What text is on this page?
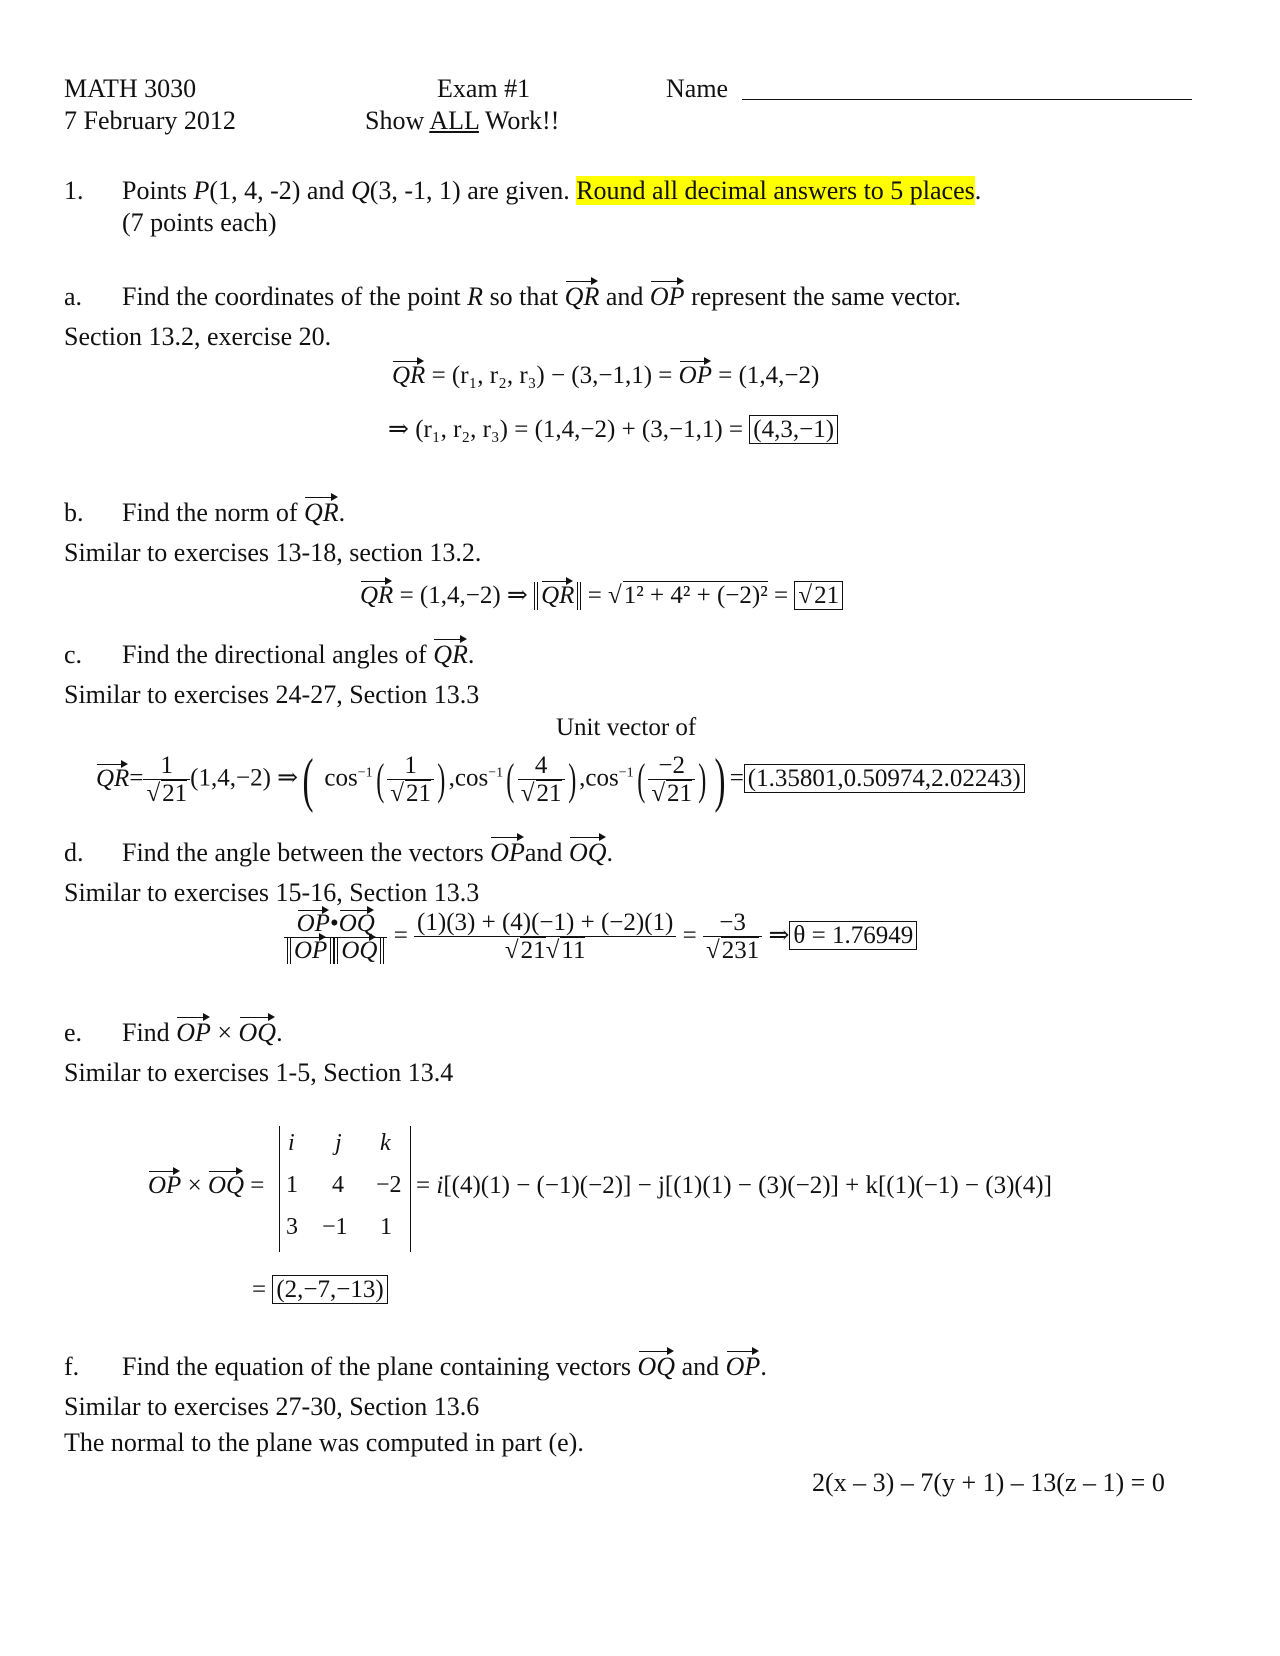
MATH 3030
7 February 2012
Exam #1
Show ALL Work!!
Name
1. Points P(1, 4, -2) and Q(3, -1, 1) are given. Round all decimal answers to 5 places.
(7 points each)
a. Find the coordinates of the point R so that QR and OP represent the same vector.
Section 13.2, exercise 20.
QR = (r₁, r₂, r₃) − (3,−1,1) = OP = (1,4,−2)
⇒ (r₁, r₂, r₃) = (1,4,−2) + (3,−1,1) = (4,3,−1)
b. Find the norm of QR.
Similar to exercises 13-18, section 13.2.
QR = (1,4,−2) ⇒ QR = √1² + 4² + (−2)² = √21
c. Find the directional angles of QR.
Similar to exercises 24-27, Section 13.3
Unit vector of
$QR= \frac{1}{√21} (1,4,-2)$ ⇒( $\cos^{-1}( \frac{1}{√21}$ ) $,\cos^{-1}( \frac{4}{√21}$ ) $,\cos^{-1}( \frac{-2}{√21}$ ) ) = (1.35801,0.50974,2.02243)
d. Find the angle between the vectors OPand OQ.
Similar to exercises 15-16, Section 13.3
$\frac{OP•OQ}{\text{OP OQ}} = \frac{(1)(3) + (4)(-1) + (-2)(1)}{√21√11} = \frac{-3}{√231}$ ⇒ θ = 1.76949
e. Find OP × OQ.
Similar to exercises 1-5, Section 13.4
OP × OQ =
i j k
1 4 −2
3 −1 1
= i[(4)(1) − (−1)(−2)] − j[(1)(1) − (3)(−2)] + k[(1)(−1) − (3)(4)]
= (2,−7,−13)
f. Find the equation of the plane containing vectors OQ and OP.
Similar to exercises 27-30, Section 13.6
The normal to the plane was computed in part (e).
2(x – 3) – 7(y + 1) – 13(z – 1) = 0
